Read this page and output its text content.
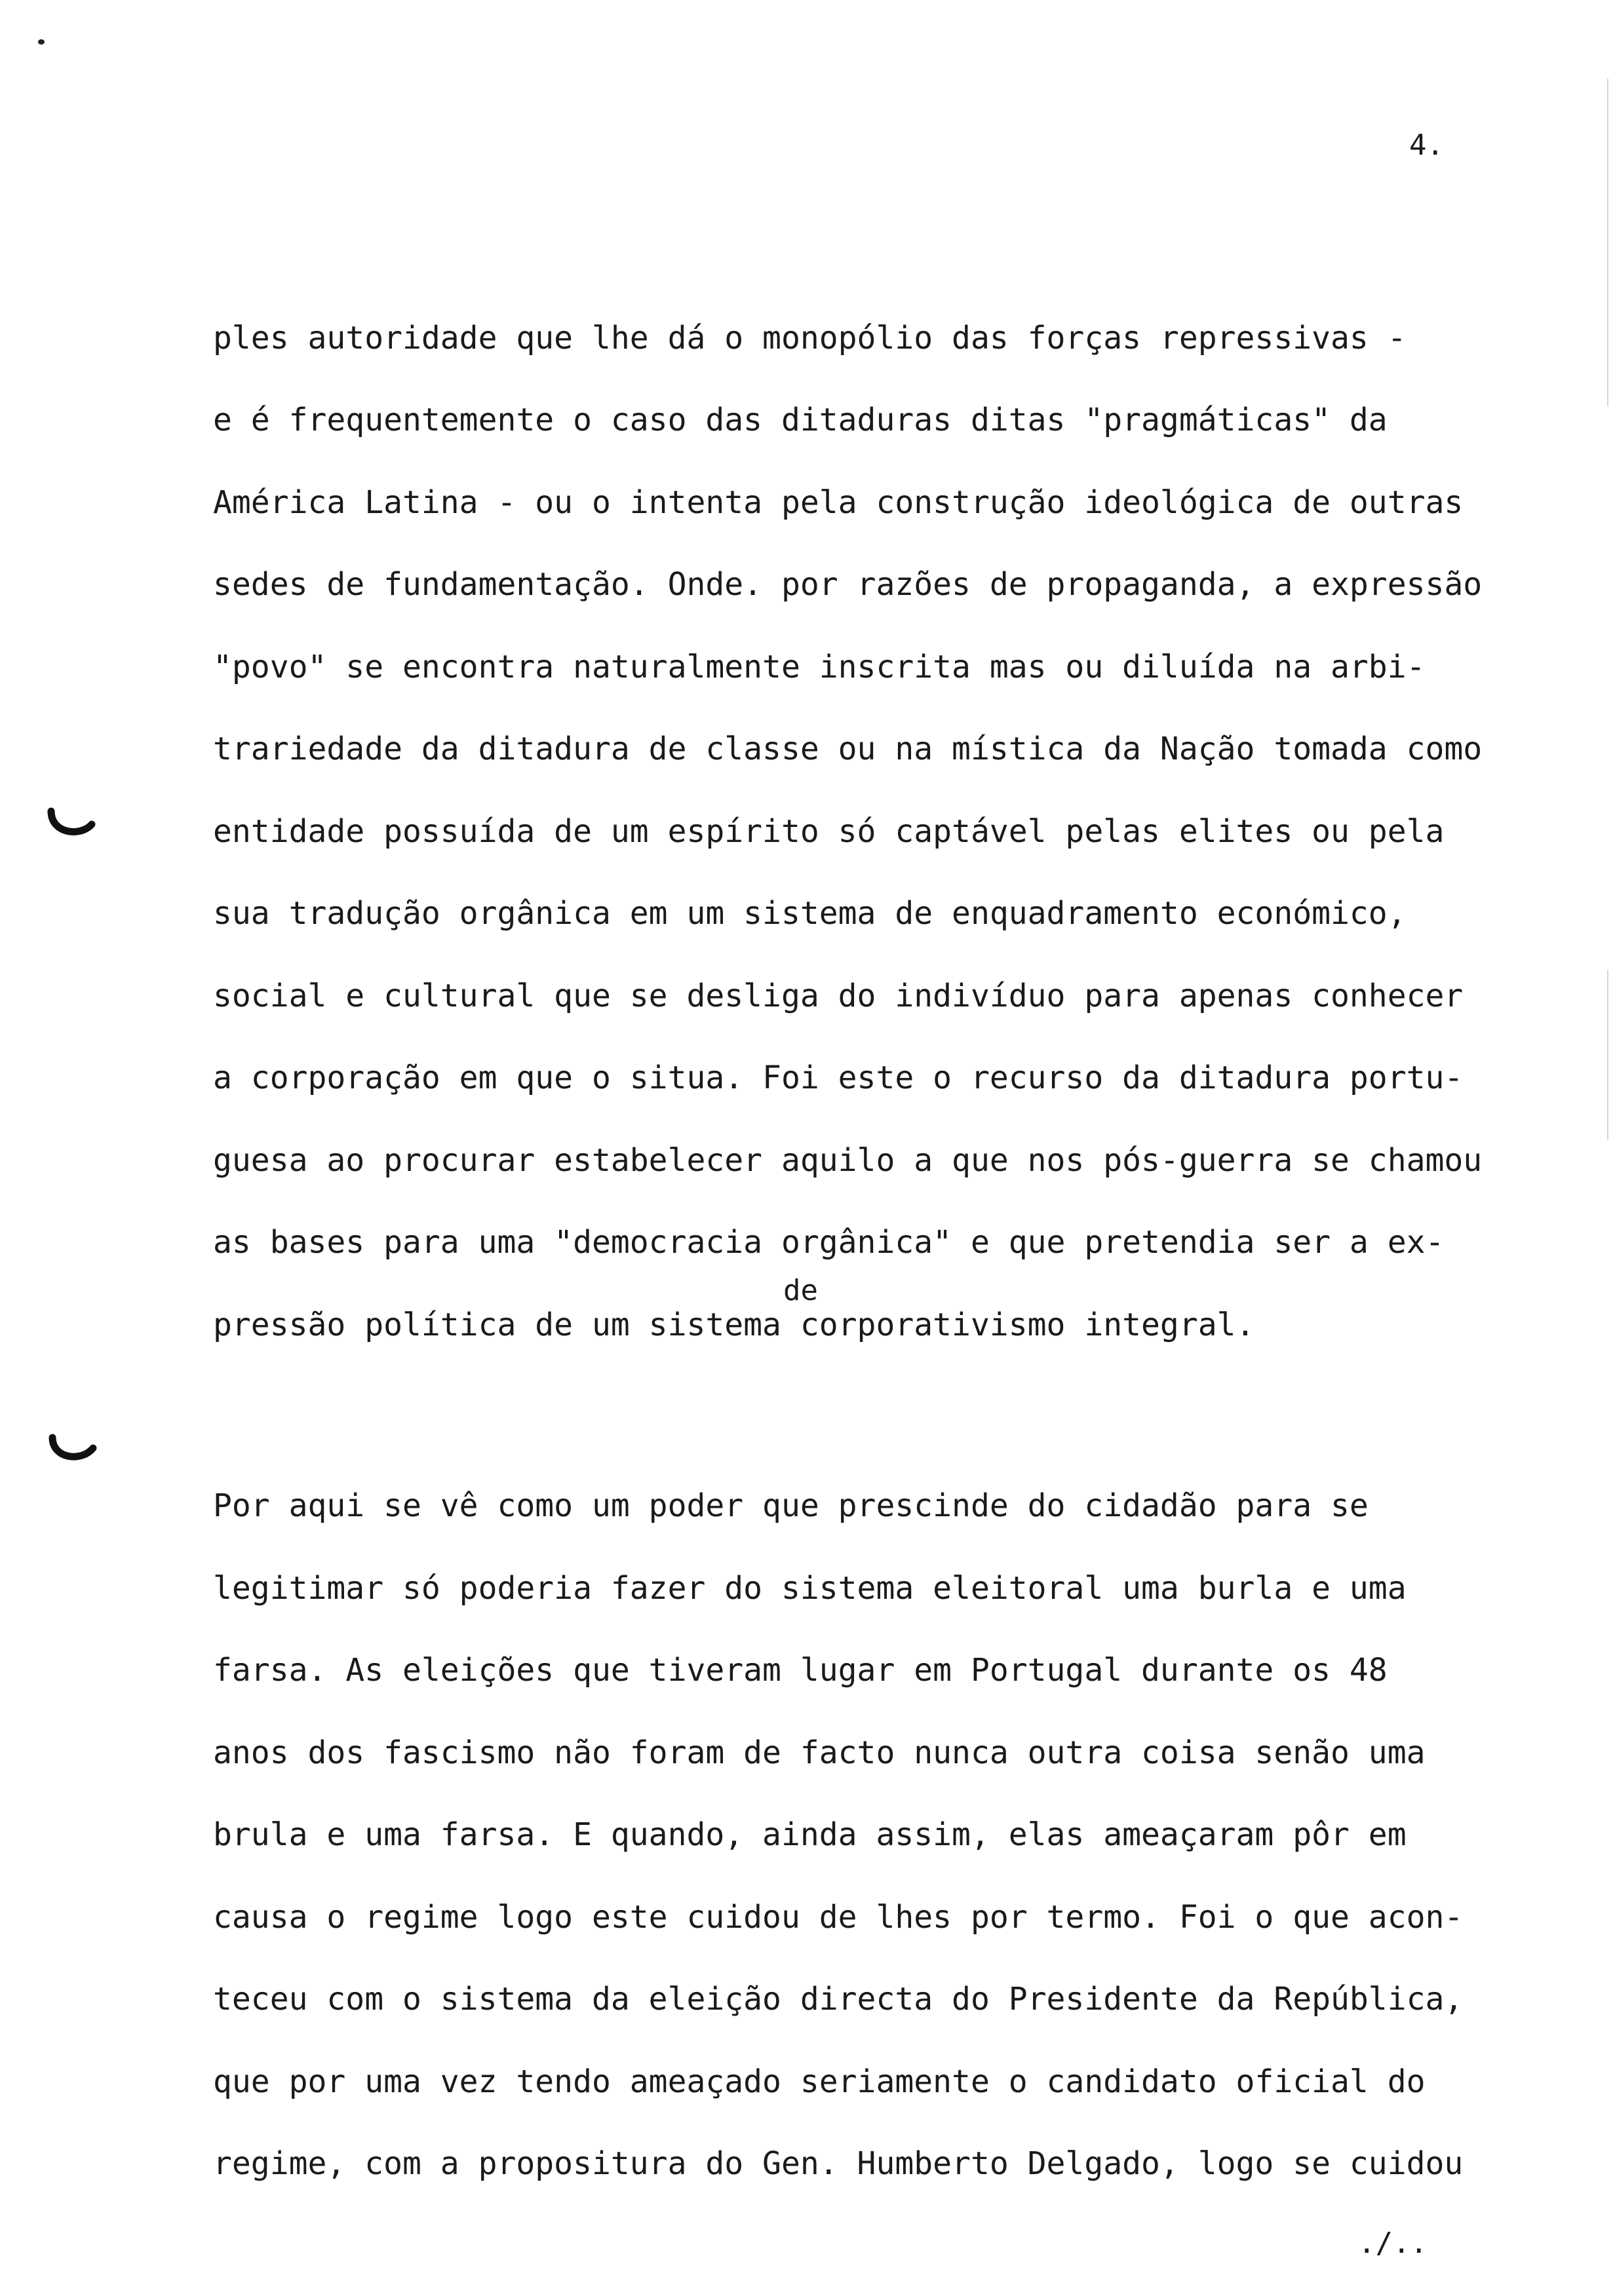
4.
ples autoridade que lhe dá o monopólio das forças repressivas -
e é frequentemente o caso das ditaduras ditas "pragmáticas" da
América Latina - ou o intenta pela construção ideológica de outras
sedes de fundamentação. Onde. por razões de propaganda, a expressão
"povo" se encontra naturalmente inscrita mas ou diluída na arbi-
trariedade da ditadura de classe ou na mística da Nação tomada como
entidade possuída de um espírito só captável pelas elites ou pela
sua tradução orgânica em um sistema de enquadramento económico,
social e cultural que se desliga do indivíduo para apenas conhecer
a corporação em que o situa. Foi este o recurso da ditadura portu-
guesa ao procurar estabelecer aquilo a que nos pós-guerra se chamou
as bases para uma "democracia orgânica" e que pretendia ser a ex-
de
pressão política de um sistema corporativismo integral.
Por aqui se vê como um poder que prescinde do cidadão para se
legitimar só poderia fazer do sistema eleitoral uma burla e uma
farsa. As eleições que tiveram lugar em Portugal durante os 48
anos dos fascismo não foram de facto nunca outra coisa senão uma
brula e uma farsa. E quando, ainda assim, elas ameaçaram pôr em
causa o regime logo este cuidou de lhes por termo. Foi o que acon-
teceu com o sistema da eleição directa do Presidente da República,
que por uma vez tendo ameaçado seriamente o candidato oficial do
regime, com a propositura do Gen. Humberto Delgado, logo se cuidou
./..
